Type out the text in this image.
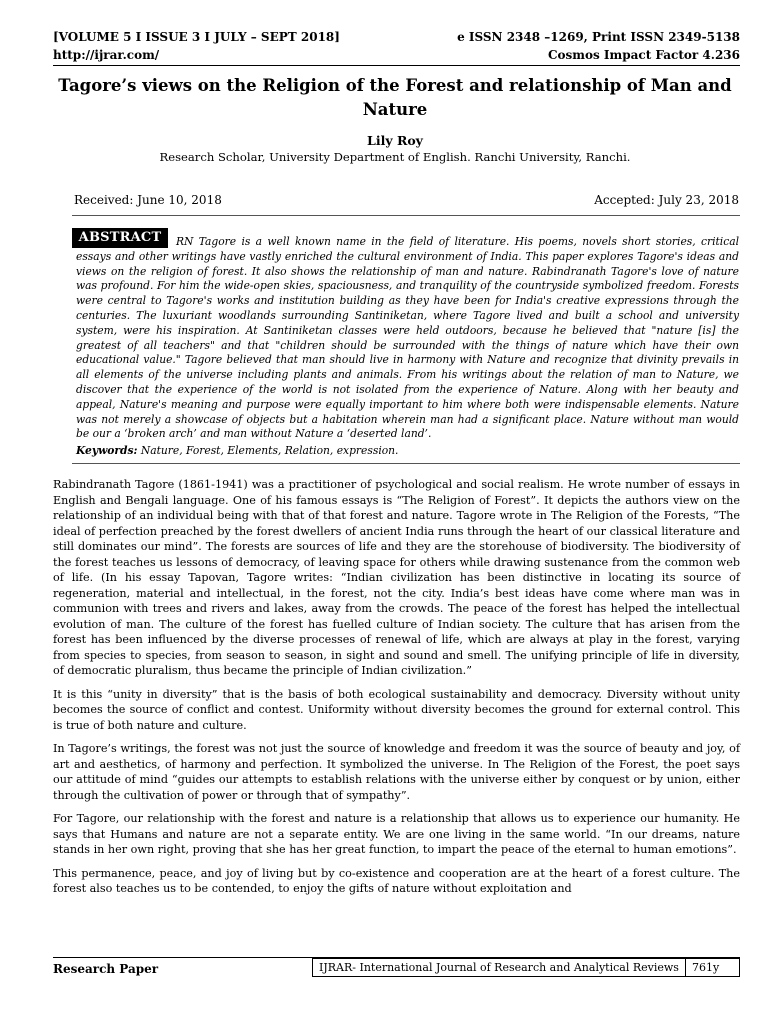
[VOLUME 5 I ISSUE 3 I JULY – SEPT 2018]	e ISSN 2348 –1269, Print ISSN 2349-5138
http://ijrar.com/	Cosmos Impact Factor 4.236
Tagore’s views on the Religion of the Forest and relationship of Man and Nature
Lily Roy
Research Scholar, University Department of English. Ranchi University, Ranchi.
Received: June 10, 2018	Accepted: July 23, 2018
RN Tagore is a well known name in the field of literature. His poems, novels short stories, critical essays and other writings have vastly enriched the cultural environment of India. This paper explores Tagore's ideas and views on the religion of forest. It also shows the relationship of man and nature. Rabindranath Tagore's love of nature was profound. For him the wide-open skies, spaciousness, and tranquility of the countryside symbolized freedom. Forests were central to Tagore's works and institution building as they have been for India's creative expressions through the centuries. The luxuriant woodlands surrounding Santiniketan, where Tagore lived and built a school and university system, were his inspiration. At Santiniketan classes were held outdoors, because he believed that "nature [is] the greatest of all teachers" and that "children should be surrounded with the things of nature which have their own educational value." Tagore believed that man should live in harmony with Nature and recognize that divinity prevails in all elements of the universe including plants and animals. From his writings about the relation of man to Nature, we discover that the experience of the world is not isolated from the experience of Nature. Along with her beauty and appeal, Nature's meaning and purpose were equally important to him where both were indispensable elements. Nature was not merely a showcase of objects but a habitation wherein man had a significant place. Nature without man would be our a ‘broken arch’ and man without Nature a ‘deserted land’.
ABSTRACT
Keywords: Nature, Forest, Elements, Relation, expression.

Rabindranath Tagore (1861-1941) was a practitioner of psychological and social realism. He wrote number of essays in English and Bengali language. One of his famous essays is “The Religion of Forest”. It depicts the authors view on the relationship of an individual being with that of that forest and nature. Tagore wrote in The Religion of the Forests, “The ideal of perfection preached by the forest dwellers of ancient India runs through the heart of our classical literature and still dominates our mind”. The forests are sources of life and they are the storehouse of biodiversity. The biodiversity of the forest teaches us lessons of democracy, of leaving space for others while drawing sustenance from the common web of life. (In his essay Tapovan, Tagore writes: “Indian civilization has been distinctive in locating its source of regeneration, material and intellectual, in the forest, not the city. India’s best ideas have come where man was in communion with trees and rivers and lakes, away from the crowds. The peace of the forest has helped the intellectual evolution of man. The culture of the forest has fuelled culture of Indian society. The culture that has arisen from the forest has been influenced by the diverse processes of renewal of life, which are always at play in the forest, varying from species to species, from season to season, in sight and sound and smell. The unifying principle of life in diversity, of democratic pluralism, thus became the principle of Indian civilization.”

It is this “unity in diversity” that is the basis of both ecological sustainability and democracy. Diversity without unity becomes the source of conflict and contest. Uniformity without diversity becomes the ground for external control. This is true of both nature and culture.

In Tagore’s writings, the forest was not just the source of knowledge and freedom it was the source of beauty and joy, of art and aesthetics, of harmony and perfection. It symbolized the universe. In The Religion of the Forest, the poet says our attitude of mind “guides our attempts to establish relations with the universe either by conquest or by union, either through the cultivation of power or through that of sympathy”.

For Tagore, our relationship with the forest and nature is a relationship that allows us to experience our humanity. He says that Humans and nature are not a separate entity. We are one living in the same world. “In our dreams, nature stands in her own right, proving that she has her great function, to impart the peace of the eternal to human emotions”.

This permanence, peace, and joy of living but by co-existence and cooperation are at the heart of a forest culture. The forest also teaches us to be contended, to enjoy the gifts of nature without exploitation and

Research Paper	IJRAR- International Journal of Research and Analytical Reviews	761y
